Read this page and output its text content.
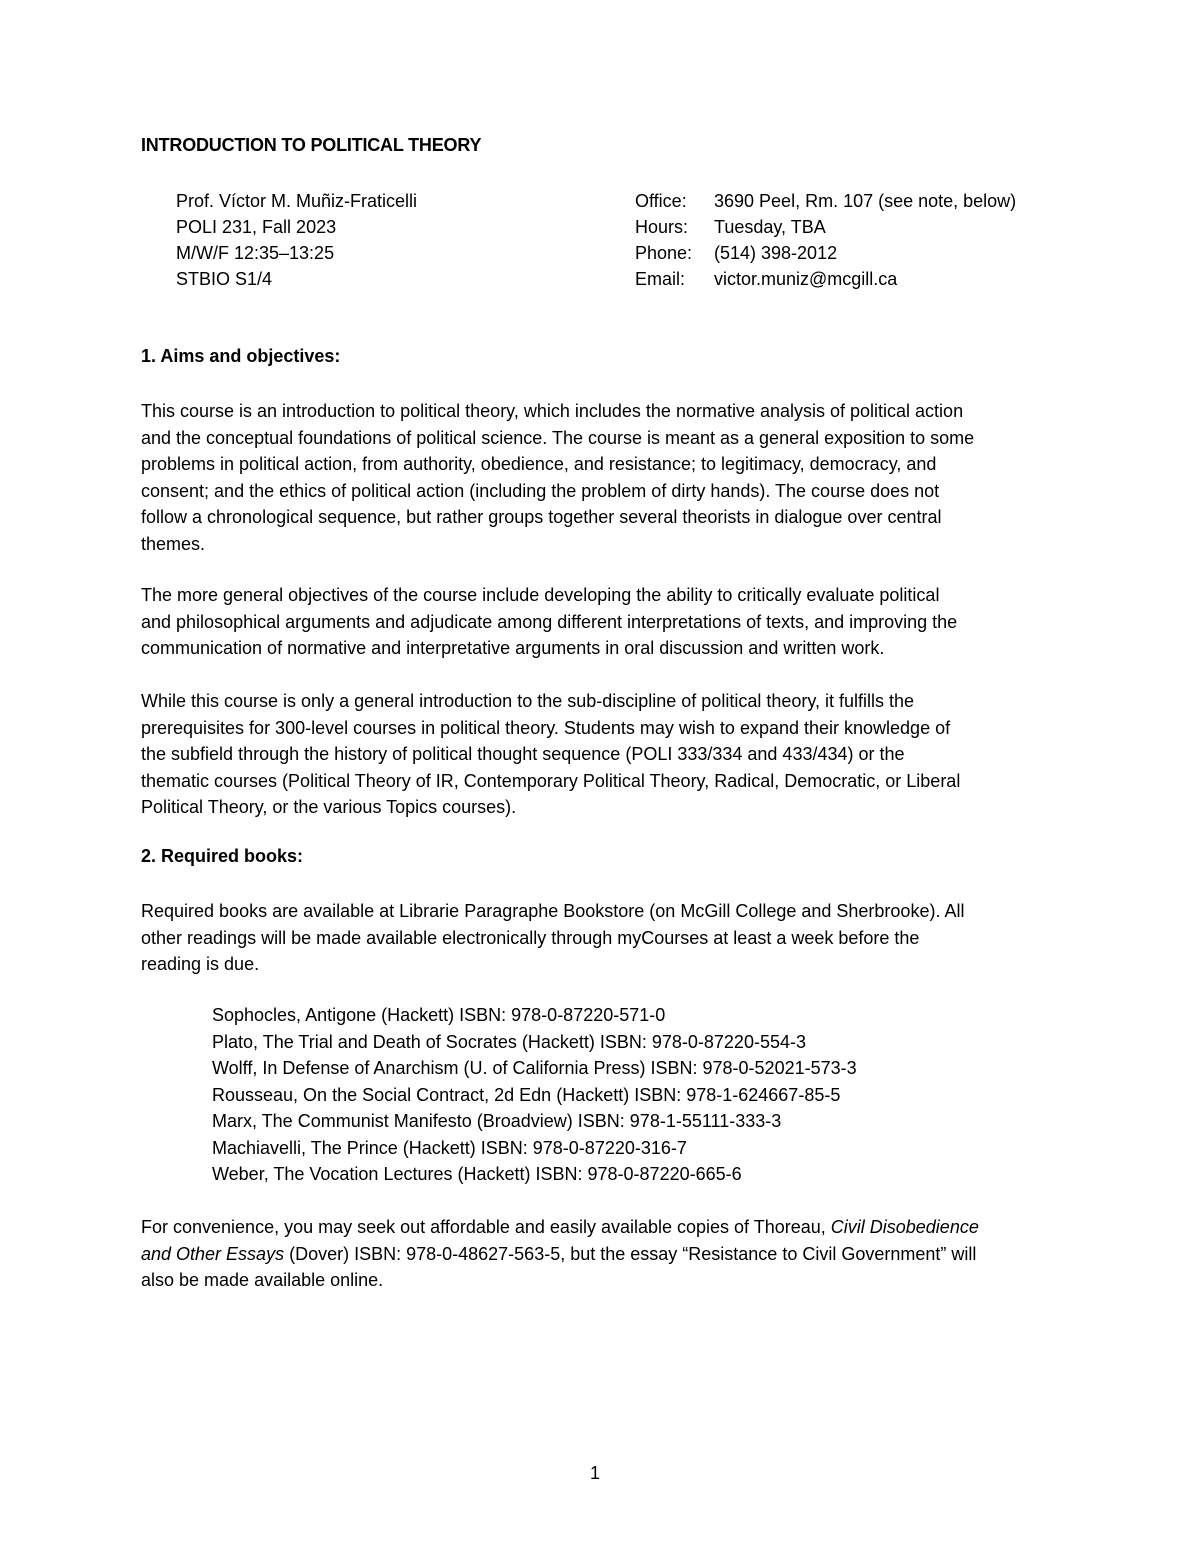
INTRODUCTION TO POLITICAL THEORY
Prof. Víctor M. Muñiz-Fraticelli
POLI 231, Fall 2023
M/W/F 12:35–13:25
STBIO S1/4
Office:	3690 Peel, Rm. 107 (see note, below)
Hours:	Tuesday, TBA
Phone:	(514) 398-2012
Email:	victor.muniz@mcgill.ca
1. Aims and objectives:

This course is an introduction to political theory, which includes the normative analysis of political action
and the conceptual foundations of political science. The course is meant as a general exposition to some
problems in political action, from authority, obedience, and resistance; to legitimacy, democracy, and
consent; and the ethics of political action (including the problem of dirty hands). The course does not
follow a chronological sequence, but rather groups together several theorists in dialogue over central
themes.

The more general objectives of the course include developing the ability to critically evaluate political
and philosophical arguments and adjudicate among different interpretations of texts, and improving the
communication of normative and interpretative arguments in oral discussion and written work.

While this course is only a general introduction to the sub-discipline of political theory, it fulfills the
prerequisites for 300-level courses in political theory. Students may wish to expand their knowledge of
the subfield through the history of political thought sequence (POLI 333/334 and 433/434) or the
thematic courses (Political Theory of IR, Contemporary Political Theory, Radical, Democratic, or Liberal
Political Theory, or the various Topics courses).

2. Required books:

Required books are available at Librarie Paragraphe Bookstore (on McGill College and Sherbrooke). All
other readings will be made available electronically through myCourses at least a week before the
reading is due.

Sophocles, Antigone (Hackett) ISBN: 978-0-87220-571-0
Plato, The Trial and Death of Socrates (Hackett) ISBN: 978-0-87220-554-3
Wolff, In Defense of Anarchism (U. of California Press) ISBN: 978-0-52021-573-3
Rousseau, On the Social Contract, 2d Edn (Hackett) ISBN: 978-1-624667-85-5
Marx, The Communist Manifesto (Broadview) ISBN: 978-1-55111-333-3
Machiavelli, The Prince (Hackett) ISBN: 978-0-87220-316-7
Weber, The Vocation Lectures (Hackett) ISBN: 978-0-87220-665-6

For convenience, you may seek out affordable and easily available copies of Thoreau, Civil Disobedience
and Other Essays (Dover) ISBN: 978-0-48627-563-5, but the essay “Resistance to Civil Government” will
also be made available online.

1
